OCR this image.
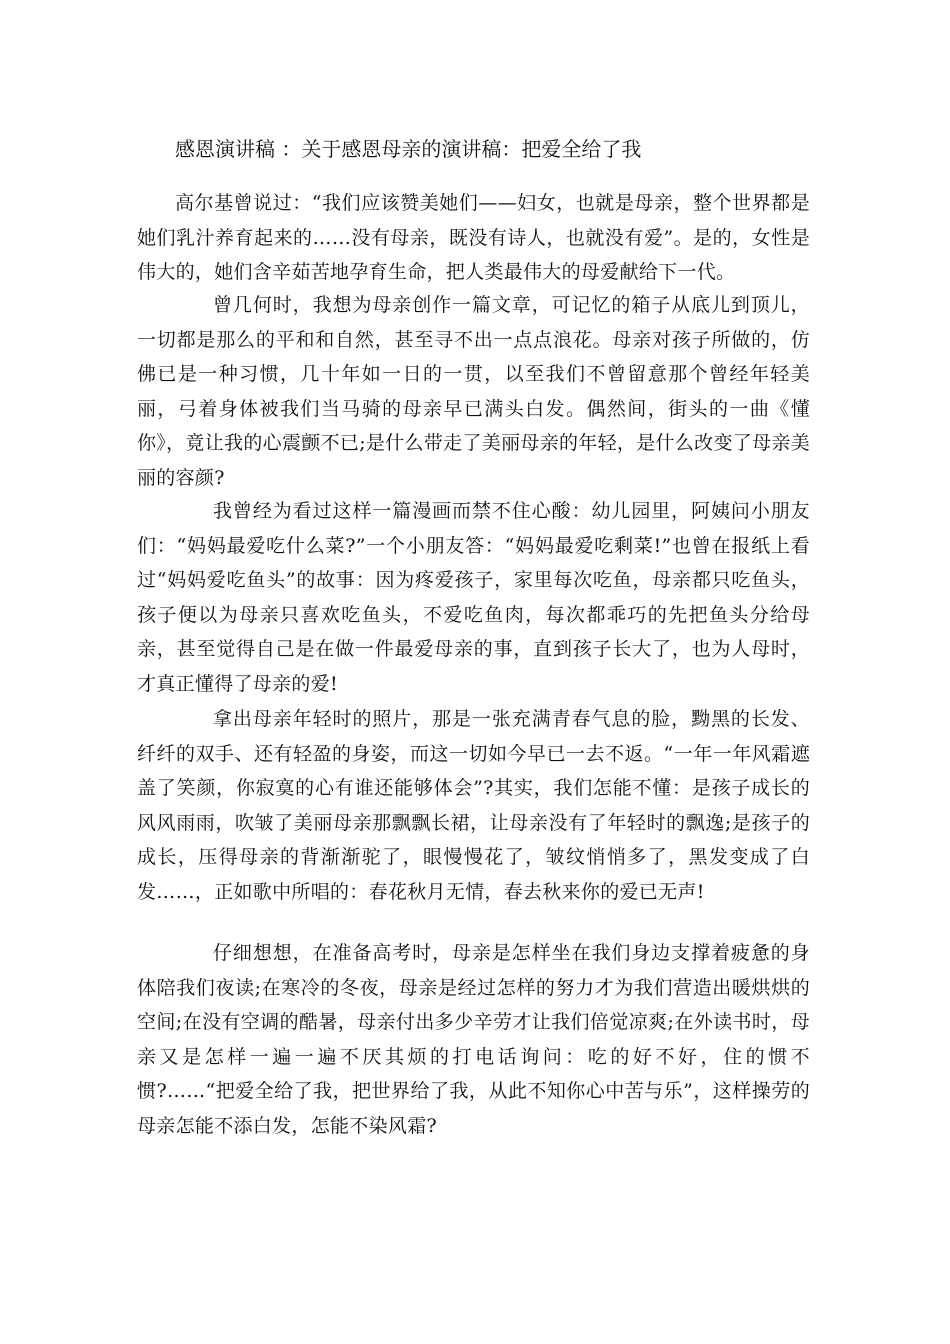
感恩演讲稿 ：关于感恩母亲的演讲稿：把爱全给了我

高尔基曾说过：“我们应该赞美她们——妇女，也就是母亲，整个世界都是她们乳汁养育起来的……没有母亲，既没有诗人，也就没有爱”。是的，女性是伟大的，她们含辛茹苦地孕育生命，把人类最伟大的母爱献给下一代。

曾几何时，我想为母亲创作一篇文章，可记忆的箱子从底儿到顶儿，一切都是那么的平和和自然，甚至寻不出一点点浪花。母亲对孩子所做的，仿佛已是一种习惯，几十年如一日的一贯，以至我们不曾留意那个曾经年轻美丽，弓着身体被我们当马骑的母亲早已满头白发。偶然间，街头的一曲《懂你》，竟让我的心震颤不已;是什么带走了美丽母亲的年轻，是什么改变了母亲美丽的容颜?

我曾经为看过这样一篇漫画而禁不住心酸：幼儿园里，阿姨问小朋友们：“妈妈最爱吃什么菜?”一个小朋友答：“妈妈最爱吃剩菜!”也曾在报纸上看过“妈妈爱吃鱼头”的故事：因为疼爱孩子，家里每次吃鱼，母亲都只吃鱼头，孩子便以为母亲只喜欢吃鱼头，不爱吃鱼肉，每次都乖巧的先把鱼头分给母亲，甚至觉得自己是在做一件最爱母亲的事，直到孩子长大了，也为人母时，才真正懂得了母亲的爱!

拿出母亲年轻时的照片，那是一张充满青春气息的脸，黝黑的长发、纤纤的双手、还有轻盈的身姿，而这一切如今早已一去不返。“一年一年风霜遮盖了笑颜，你寂寞的心有谁还能够体会”?其实，我们怎能不懂：是孩子成长的风风雨雨，吹皱了美丽母亲那飘飘长裙，让母亲没有了年轻时的飘逸;是孩子的成长，压得母亲的背渐渐驼了，眼慢慢花了，皱纹悄悄多了，黑发变成了白发……，正如歌中所唱的：春花秋月无情，春去秋来你的爱已无声!

仔细想想，在准备高考时，母亲是怎样坐在我们身边支撑着疲惫的身体陪我们夜读;在寒冷的冬夜，母亲是经过怎样的努力才为我们营造出暖烘烘的空间;在没有空调的酷暑，母亲付出多少辛劳才让我们倍觉凉爽;在外读书时，母亲又是怎样一遍一遍不厌其烦的打电话询问：吃的好不好，住的惯不惯?……“把爱全给了我，把世界给了我，从此不知你心中苦与乐”，这样操劳的母亲怎能不添白发，怎能不染风霜?
